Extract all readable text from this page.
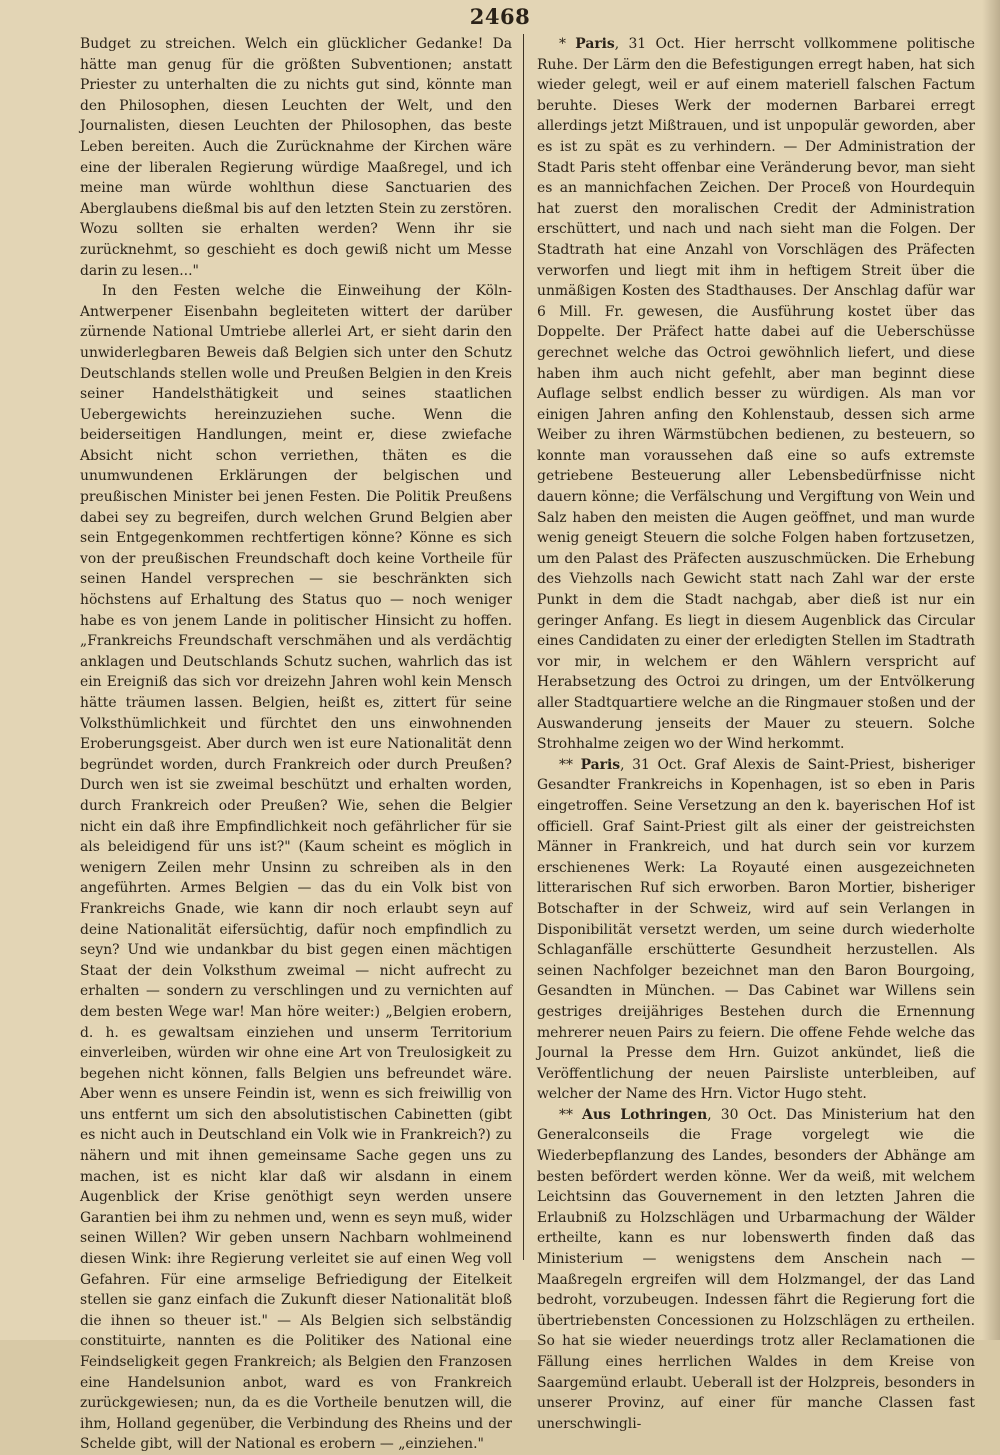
2468

Budget zu streichen. Welch ein glücklicher Gedanke! Da hätte man genug für die größten Subventionen; anstatt Priester zu unterhalten die zu nichts gut sind, könnte man den Philosophen, diesen Leuchten der Welt, und den Journalisten, diesen Leuchten der Philosophen, das beste Leben bereiten. Auch die Zurücknahme der Kirchen wäre eine der liberalen Regierung würdige Maaßregel, und ich meine man würde wohlthun diese Sanctuarien des Aberglaubens dießmal bis auf den letzten Stein zu zerstören. Wozu sollten sie erhalten werden? Wenn ihr sie zurücknehmt, so geschieht es doch gewiß nicht um Messe darin zu lesen..."

In den Festen welche die Einweihung der Köln-Antwerpener Eisenbahn begleiteten wittert der darüber zürnende National Umtriebe allerlei Art, er sieht darin den unwiderlegbaren Beweis daß Belgien sich unter den Schutz Deutschlands stellen wolle und Preußen Belgien in den Kreis seiner Handelsthätigkeit und seines staatlichen Uebergewichts hereinzuziehen suche. Wenn die beiderseitigen Handlungen, meint er, diese zwiefache Absicht nicht schon verriethen, thäten es die unumwundenen Erklärungen der belgischen und preußischen Minister bei jenen Festen. Die Politik Preußens dabei sey zu begreifen, durch welchen Grund Belgien aber sein Entgegenkommen rechtfertigen könne? Könne es sich von der preußischen Freundschaft doch keine Vortheile für seinen Handel versprechen — sie beschränkten sich höchstens auf Erhaltung des Status quo — noch weniger habe es von jenem Lande in politischer Hinsicht zu hoffen. „Frankreichs Freundschaft verschmähen und als verdächtig anklagen und Deutschlands Schutz suchen, wahrlich das ist ein Ereigniß das sich vor dreizehn Jahren wohl kein Mensch hätte träumen lassen. Belgien, heißt es, zittert für seine Volksthümlichkeit und fürchtet den uns einwohnenden Eroberungsgeist. Aber durch wen ist eure Nationalität denn begründet worden, durch Frankreich oder durch Preußen? Durch wen ist sie zweimal beschützt und erhalten worden, durch Frankreich oder Preußen? Wie, sehen die Belgier nicht ein daß ihre Empfindlichkeit noch gefährlicher für sie als beleidigend für uns ist?" (Kaum scheint es möglich in wenigern Zeilen mehr Unsinn zu schreiben als in den angeführten. Armes Belgien — das du ein Volk bist von Frankreichs Gnade, wie kann dir noch erlaubt seyn auf deine Nationalität eifersüchtig, dafür noch empfindlich zu seyn? Und wie undankbar du bist gegen einen mächtigen Staat der dein Volksthum zweimal — nicht aufrecht zu erhalten — sondern zu verschlingen und zu vernichten auf dem besten Wege war! Man höre weiter:) „Belgien erobern, d. h. es gewaltsam einziehen und unserm Territorium einverleiben, würden wir ohne eine Art von Treulosigkeit zu begehen nicht können, falls Belgien uns befreundet wäre. Aber wenn es unsere Feindin ist, wenn es sich freiwillig von uns entfernt um sich den absolutistischen Cabinetten (gibt es nicht auch in Deutschland ein Volk wie in Frankreich?) zu nähern und mit ihnen gemeinsame Sache gegen uns zu machen, ist es nicht klar daß wir alsdann in einem Augenblick der Krise genöthigt seyn werden unsere Garantien bei ihm zu nehmen und, wenn es seyn muß, wider seinen Willen? Wir geben unsern Nachbarn wohlmeinend diesen Wink: ihre Regierung verleitet sie auf einen Weg voll Gefahren. Für eine armselige Befriedigung der Eitelkeit stellen sie ganz einfach die Zukunft dieser Nationalität bloß die ihnen so theuer ist." — Als Belgien sich selbständig constituirte, nannten es die Politiker des National eine Feindseligkeit gegen Frankreich; als Belgien den Franzosen eine Handelsunion anbot, ward es von Frankreich zurückgewiesen; nun, da es die Vortheile benutzen will, die ihm, Holland gegenüber, die Verbindung des Rheins und der Schelde gibt, will der National es erobern — „einziehen."

* Paris, 31 Oct. Hier herrscht vollkommene politische Ruhe. Der Lärm den die Befestigungen erregt haben, hat sich wieder gelegt, weil er auf einem materiell falschen Factum beruhte. Dieses Werk der modernen Barbarei erregt allerdings jetzt Mißtrauen, und ist unpopulär geworden, aber es ist zu spät es zu verhindern. — Der Administration der Stadt Paris steht offenbar eine Veränderung bevor, man sieht es an mannichfachen Zeichen. Der Proceß von Hourdequin hat zuerst den moralischen Credit der Administration erschüttert, und nach und nach sieht man die Folgen. Der Stadtrath hat eine Anzahl von Vorschlägen des Präfecten verworfen und liegt mit ihm in heftigem Streit über die unmäßigen Kosten des Stadthauses. Der Anschlag dafür war 6 Mill. Fr. gewesen, die Ausführung kostet über das Doppelte. Der Präfect hatte dabei auf die Ueberschüsse gerechnet welche das Octroi gewöhnlich liefert, und diese haben ihm auch nicht gefehlt, aber man beginnt diese Auflage selbst endlich besser zu würdigen. Als man vor einigen Jahren anfing den Kohlenstaub, dessen sich arme Weiber zu ihren Wärmstübchen bedienen, zu besteuern, so konnte man voraussehen daß eine so aufs extremste getriebene Besteuerung aller Lebensbedürfnisse nicht dauern könne; die Verfälschung und Vergiftung von Wein und Salz haben den meisten die Augen geöffnet, und man wurde wenig geneigt Steuern die solche Folgen haben fortzusetzen, um den Palast des Präfecten auszuschmücken. Die Erhebung des Viehzolls nach Gewicht statt nach Zahl war der erste Punkt in dem die Stadt nachgab, aber dieß ist nur ein geringer Anfang. Es liegt in diesem Augenblick das Circular eines Candidaten zu einer der erledigten Stellen im Stadtrath vor mir, in welchem er den Wählern verspricht auf Herabsetzung des Octroi zu dringen, um der Entvölkerung aller Stadtquartiere welche an die Ringmauer stoßen und der Auswanderung jenseits der Mauer zu steuern. Solche Strohhalme zeigen wo der Wind herkommt.

** Paris, 31 Oct. Graf Alexis de Saint-Priest, bisheriger Gesandter Frankreichs in Kopenhagen, ist so eben in Paris eingetroffen. Seine Versetzung an den k. bayerischen Hof ist officiell. Graf Saint-Priest gilt als einer der geistreichsten Männer in Frankreich, und hat durch sein vor kurzem erschienenes Werk: La Royauté einen ausgezeichneten litterarischen Ruf sich erworben. Baron Mortier, bisheriger Botschafter in der Schweiz, wird auf sein Verlangen in Disponibilität versetzt werden, um seine durch wiederholte Schlaganfälle erschütterte Gesundheit herzustellen. Als seinen Nachfolger bezeichnet man den Baron Bourgoing, Gesandten in München. — Das Cabinet war Willens sein gestriges dreijähriges Bestehen durch die Ernennung mehrerer neuen Pairs zu feiern. Die offene Fehde welche das Journal la Presse dem Hrn. Guizot ankündet, ließ die Veröffentlichung der neuen Pairsliste unterbleiben, auf welcher der Name des Hrn. Victor Hugo steht.

** Aus Lothringen, 30 Oct. Das Ministerium hat den Generalconseils die Frage vorgelegt wie die Wiederbepflanzung des Landes, besonders der Abhänge am besten befördert werden könne. Wer da weiß, mit welchem Leichtsinn das Gouvernement in den letzten Jahren die Erlaubniß zu Holzschlägen und Urbarmachung der Wälder ertheilte, kann es nur lobenswerth finden daß das Ministerium — wenigstens dem Anschein nach — Maaßregeln ergreifen will dem Holzmangel, der das Land bedroht, vorzubeugen. Indessen fährt die Regierung fort die übertriebensten Concessionen zu Holzschlägen zu ertheilen. So hat sie wieder neuerdings trotz aller Reclamationen die Fällung eines herrlichen Waldes in dem Kreise von Saargemünd erlaubt. Ueberall ist der Holzpreis, besonders in unserer Provinz, auf einer für manche Classen fast unerschwingli-
